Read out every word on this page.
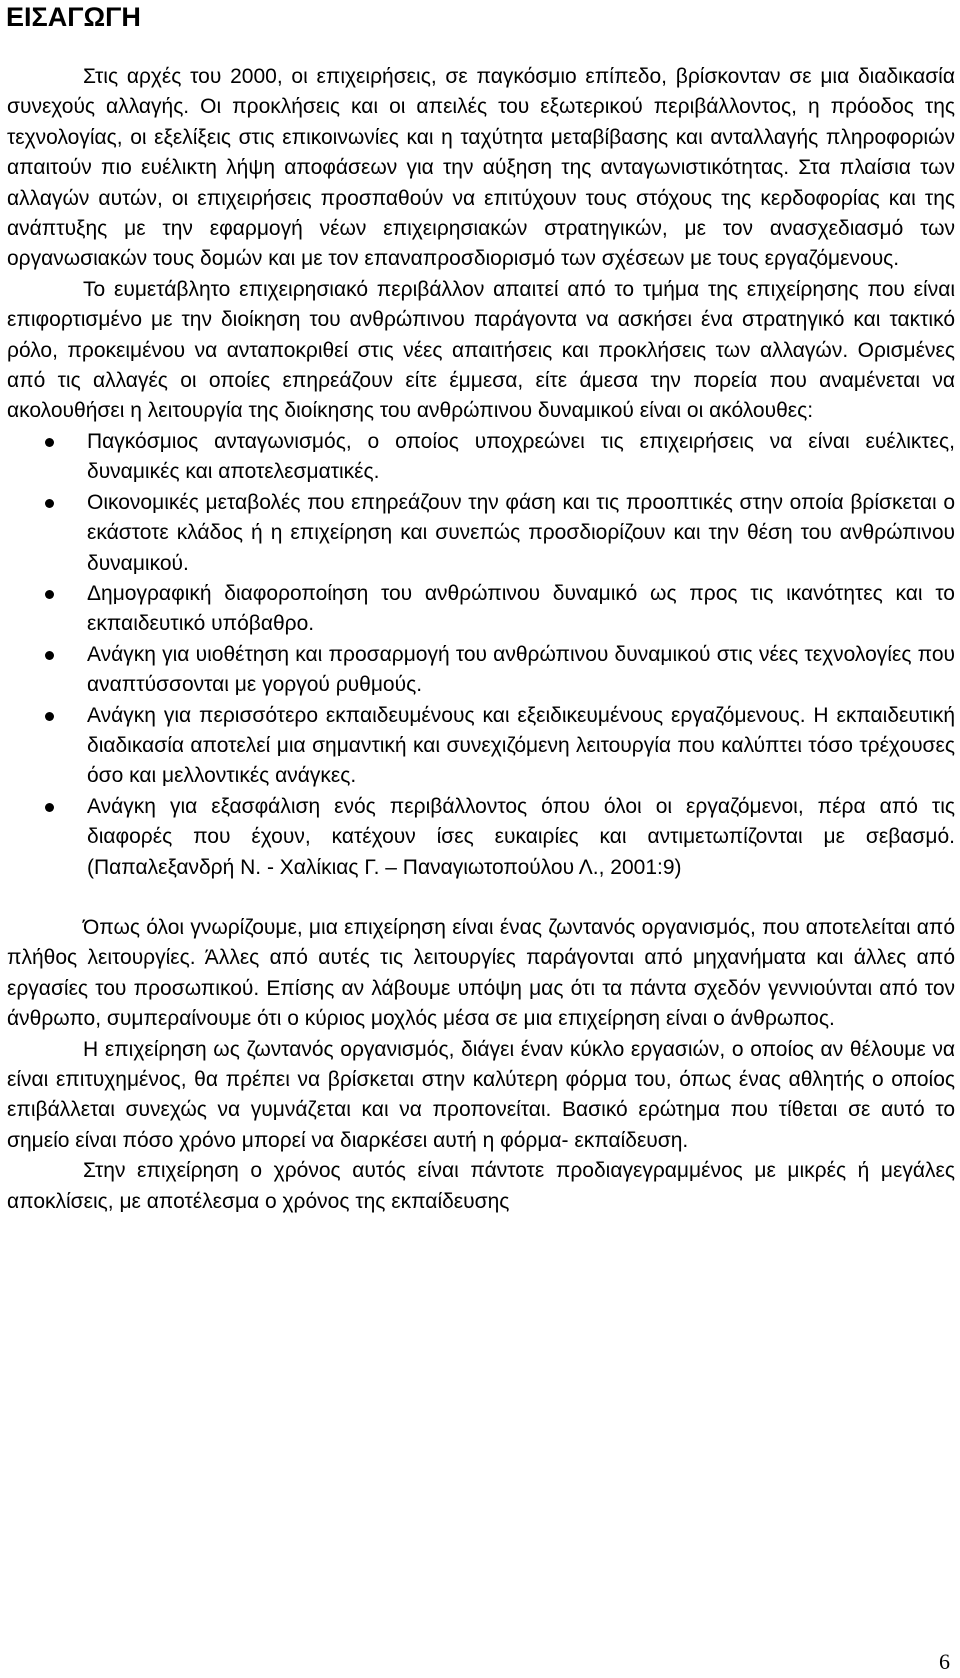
ΕΙΣΑΓΩΓΗ

Στις αρχές του 2000, οι επιχειρήσεις, σε παγκόσμιο επίπεδο, βρίσκονταν σε μια διαδικασία συνεχούς αλλαγής. Οι προκλήσεις και οι απειλές του εξωτερικού περιβάλλοντος, η πρόοδος της τεχνολογίας, οι εξελίξεις στις επικοινωνίες και η ταχύτητα μεταβίβασης και ανταλλαγής πληροφοριών απαιτούν πιο ευέλικτη λήψη αποφάσεων για την αύξηση της ανταγωνιστικότητας. Στα πλαίσια των αλλαγών αυτών, οι επιχειρήσεις προσπαθούν να επιτύχουν τους στόχους της κερδοφορίας και της ανάπτυξης με την εφαρμογή νέων επιχειρησιακών στρατηγικών, με τον ανασχεδιασμό των οργανωσιακών τους δομών και με τον επαναπροσδιορισμό των σχέσεων με τους εργαζόμενους.

Το ευμετάβλητο επιχειρησιακό περιβάλλον απαιτεί από το τμήμα της επιχείρησης που είναι επιφορτισμένο με την διοίκηση του ανθρώπινου παράγοντα να ασκήσει ένα στρατηγικό και τακτικό ρόλο, προκειμένου να ανταποκριθεί στις νέες απαιτήσεις και προκλήσεις των αλλαγών. Ορισμένες από τις αλλαγές οι οποίες επηρεάζουν είτε έμμεσα, είτε άμεσα την πορεία που αναμένεται να ακολουθήσει η λειτουργία της διοίκησης του ανθρώπινου δυναμικού είναι οι ακόλουθες:

Παγκόσμιος ανταγωνισμός, ο οποίος υποχρεώνει τις επιχειρήσεις να είναι ευέλικτες, δυναμικές και αποτελεσματικές.
Οικονομικές μεταβολές που επηρεάζουν την φάση και τις προοπτικές στην οποία βρίσκεται ο εκάστοτε κλάδος ή η επιχείρηση και συνεπώς προσδιορίζουν και την θέση του ανθρώπινου δυναμικού.
Δημογραφική διαφοροποίηση του ανθρώπινου δυναμικό ως προς τις ικανότητες και το εκπαιδευτικό υπόβαθρο.
Ανάγκη για υιοθέτηση και προσαρμογή του ανθρώπινου δυναμικού στις νέες τεχνολογίες που αναπτύσσονται με γοργού ρυθμούς.
Ανάγκη για περισσότερο εκπαιδευμένους και εξειδικευμένους εργαζόμενους. Η εκπαιδευτική διαδικασία αποτελεί μια σημαντική και συνεχιζόμενη λειτουργία που καλύπτει τόσο τρέχουσες όσο και μελλοντικές ανάγκες.
Ανάγκη για εξασφάλιση ενός περιβάλλοντος όπου όλοι οι εργαζόμενοι, πέρα από τις διαφορές που έχουν, κατέχουν ίσες ευκαιρίες και αντιμετωπίζονται με σεβασμό. (Παπαλεξανδρή Ν. - Χαλίκιας Γ. – Παναγιωτοπούλου Λ., 2001:9)

Όπως όλοι γνωρίζουμε, μια επιχείρηση είναι ένας ζωντανός οργανισμός, που αποτελείται από πλήθος λειτουργίες. Άλλες από αυτές τις λειτουργίες παράγονται από μηχανήματα και άλλες από εργασίες του προσωπικού. Επίσης αν λάβουμε υπόψη μας ότι τα πάντα σχεδόν γεννιούνται από τον άνθρωπο, συμπεραίνουμε ότι ο κύριος μοχλός μέσα σε μια επιχείρηση είναι ο άνθρωπος.

Η επιχείρηση ως ζωντανός οργανισμός, διάγει έναν κύκλο εργασιών, ο οποίος αν θέλουμε να είναι επιτυχημένος, θα πρέπει να βρίσκεται στην καλύτερη φόρμα του, όπως ένας αθλητής ο οποίος επιβάλλεται συνεχώς να γυμνάζεται και να προπονείται. Βασικό ερώτημα που τίθεται σε αυτό το σημείο είναι πόσο χρόνο μπορεί να διαρκέσει αυτή η φόρμα- εκπαίδευση.

Στην επιχείρηση ο χρόνος αυτός είναι πάντοτε προδιαγεγραμμένος με μικρές ή μεγάλες αποκλίσεις, με αποτέλεσμα ο χρόνος της εκπαίδευσης

6
